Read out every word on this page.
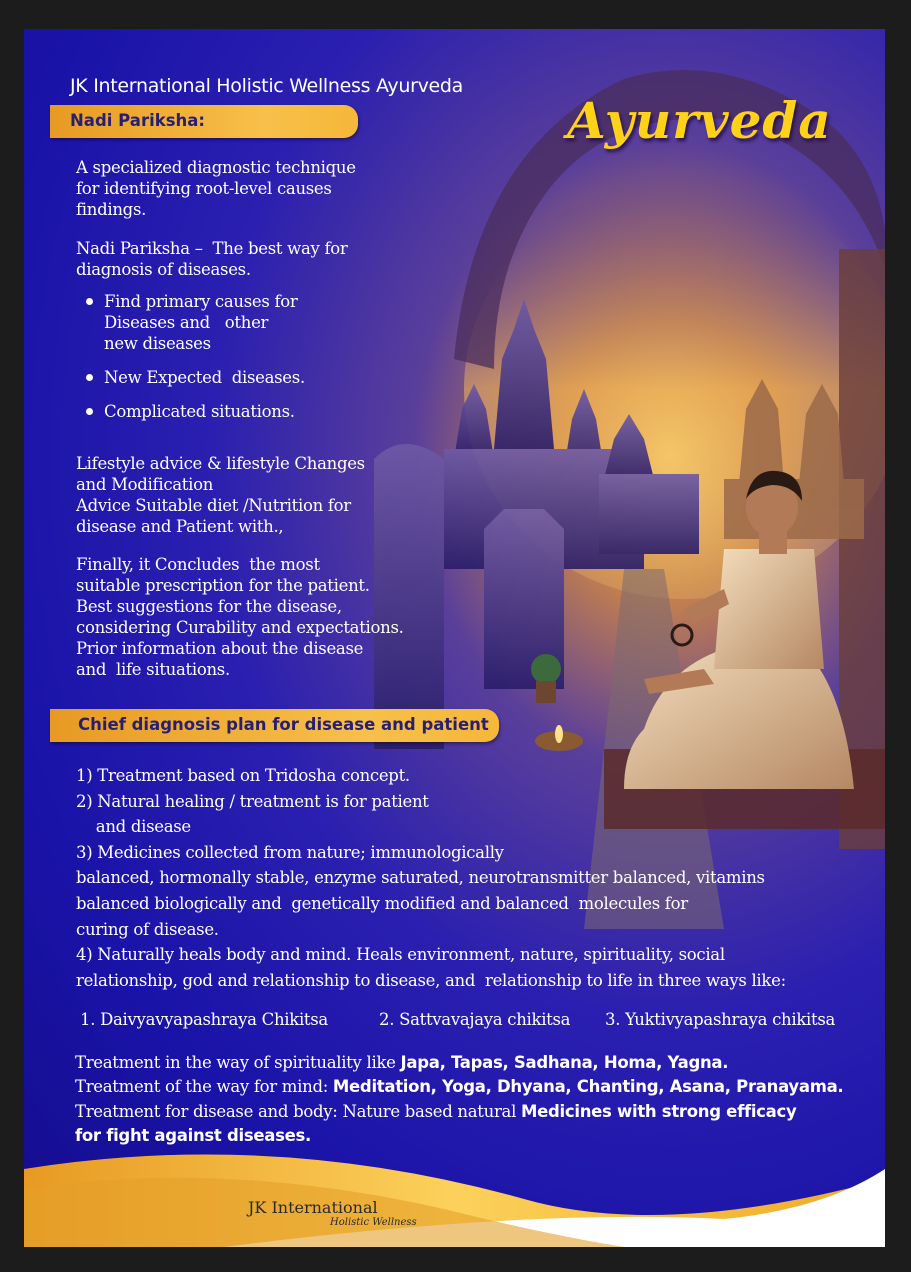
JK International Holistic Wellness Ayurveda
Ayurveda
Nadi Pariksha:
A specialized diagnostic technique
for identifying root-level causes
findings.
Nadi Pariksha –  The best way for
diagnosis of diseases.
Find primary causes for
Diseases and   other
new diseases
New Expected  diseases.
Complicated situations.
Lifestyle advice & lifestyle Changes
and Modification
Advice Suitable diet /Nutrition for
disease and Patient with.,
Finally, it Concludes  the most
suitable prescription for the patient.
Best suggestions for the disease,
considering Curability and expectations.
Prior information about the disease
and  life situations.
Chief diagnosis plan for disease and patient
1) Treatment based on Tridosha concept.
2) Natural healing / treatment is for patient
and disease
3) Medicines collected from nature; immunologically
balanced, hormonally stable, enzyme saturated, neurotransmitter balanced, vitamins
balanced biologically and  genetically modified and balanced  molecules for
curing of disease.
4) Naturally heals body and mind. Heals environment, nature, spirituality, social
relationship, god and relationship to disease, and  relationship to life in three ways like:
1. Daivyavyapashraya Chikitsa	2. Sattvavajaya chikitsa 3. Yuktivyapashraya chikitsa
Treatment in the way of spirituality like Japa, Tapas, Sadhana, Homa, Yagna.
Treatment of the way for mind: Meditation, Yoga, Dhyana, Chanting, Asana, Pranayama.
Treatment for disease and body: Nature based natural Medicines with strong efficacy
for fight against diseases.
JK International
Holistic Wellness
